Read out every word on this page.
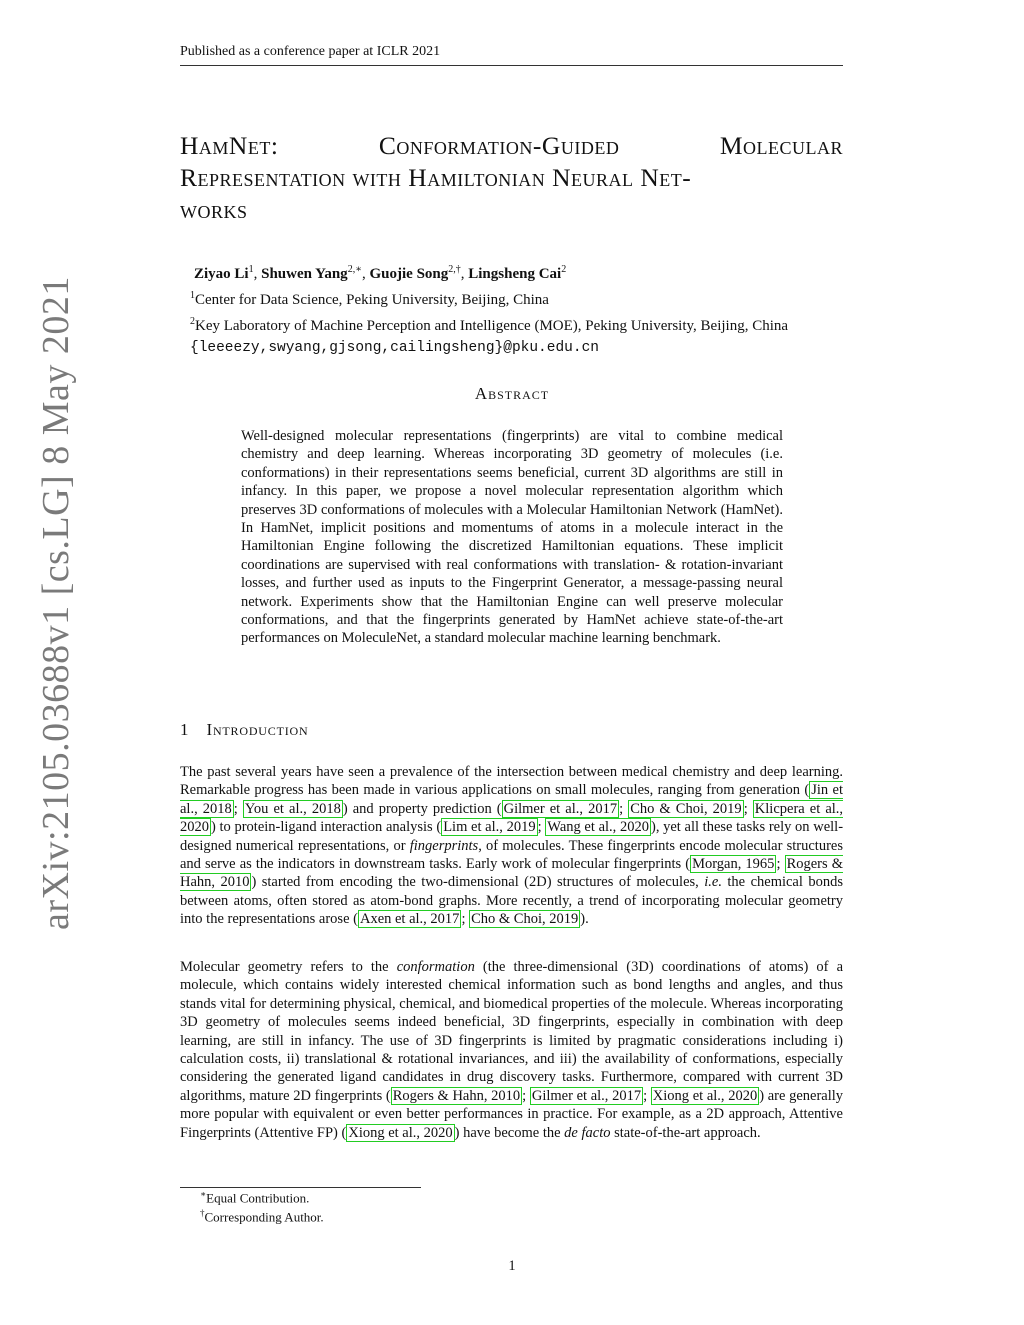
Published as a conference paper at ICLR 2021
HamNet:	Conformation-Guided	Molecular
Representation with Hamiltonian Neural Net-
works
Ziyao Li$^1$, Shuwen Yang$^{2,∗}$, Guojie Song$^{2,\dagger}$, Lingsheng Cai$^2$
$^1$Center for Data Science, Peking University, Beijing, China
$^2$Key Laboratory of Machine Perception and Intelligence (MOE), Peking University, Beijing, China
{leeeezy,swyang,gjsong,cailingsheng}@pku.edu.cn
arXiv:2105.03688v1 [cs.LG] 8 May 2021	Abstract
Well-designed molecular representations (fingerprints) are vital to combine medical chemistry and deep learning. Whereas incorporating 3D geometry of molecules (i.e. conformations) in their representations seems beneficial, current 3D algorithms are still in infancy. In this paper, we propose a novel molecular representation algorithm which preserves 3D conformations of molecules with a Molecular Hamiltonian Network (HamNet). In HamNet, implicit positions and momentums of atoms in a molecule interact in the Hamiltonian Engine following the discretized Hamiltonian equations. These implicit coordinations are supervised with real conformations with translation- & rotation-invariant losses, and further used as inputs to the Fingerprint Generator, a message-passing neural network. Experiments show that the Hamiltonian Engine can well preserve molecular conformations, and that the fingerprints generated by HamNet achieve state-of-the-art performances on MoleculeNet, a standard molecular machine learning benchmark.
1 Introduction
The past several years have seen a prevalence of the intersection between medical chemistry and deep learning. Remarkable progress has been made in various applications on small molecules, ranging from generation ( Jin et al., 2018 ; You et al., 2018 ) and property prediction ( Gilmer et al., 2017 ; Cho & Choi, 2019 ; Klicpera et al., 2020 ) to protein-ligand interaction analysis ( Lim et al., 2019 ; Wang et al., 2020 ), yet all these tasks rely on well-designed numerical representations, or fingerprints, of molecules. These fingerprints encode molecular structures and serve as the indicators in downstream tasks. Early work of molecular fingerprints ( Morgan, 1965 ; Rogers & Hahn, 2010 ) started from encoding the two-dimensional (2D) structures of molecules, i.e. the chemical bonds between atoms, often stored as atom-bond graphs. More recently, a trend of incorporating molecular geometry into the representations arose ( Axen et al., 2017 ; Cho & Choi, 2019 ).
Molecular geometry refers to the conformation (the three-dimensional (3D) coordinations of atoms) of a molecule, which contains widely interested chemical information such as bond lengths and angles, and thus stands vital for determining physical, chemical, and biomedical properties of the molecule. Whereas incorporating 3D geometry of molecules seems indeed beneficial, 3D fingerprints, especially in combination with deep learning, are still in infancy. The use of 3D fingerprints is limited by pragmatic considerations including i) calculation costs, ii) translational & rotational invariances, and iii) the availability of conformations, especially considering the generated ligand candidates in drug discovery tasks. Furthermore, compared with current 3D algorithms, mature 2D fingerprints ( Rogers & Hahn, 2010 ; Gilmer et al., 2017 ; Xiong et al., 2020 ) are generally more popular with equivalent or even better performances in practice. For example, as a 2D approach, Attentive Fingerprints (Attentive FP) ( Xiong et al., 2020 ) have become the de facto state-of-the-art approach.
∗Equal Contribution.
†Corresponding Author.
1
